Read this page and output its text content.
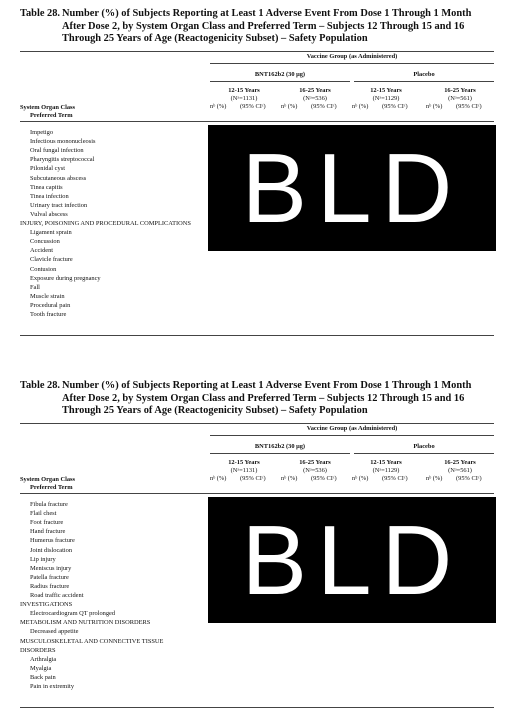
Table 28. Number (%) of Subjects Reporting at Least 1 Adverse Event From Dose 1 Through 1 Month After Dose 2, by System Organ Class and Preferred Term – Subjects 12 Through 15 and 16 Through 25 Years of Age (Reactogenicity Subset) – Safety Population
Vaccine Group (as Administered)
BNT162b2 (30 μg)	Placebo
12-15 Years
(Nᵃ=1131)
nᵇ (%)	(95% CIᶜ)
16-25 Years
(Nᵃ=536)
nᵇ (%)	(95% CIᶜ)
12-15 Years
(Nᵃ=1129)
nᵇ (%)	(95% CIᶜ)
16-25 Years
(Nᵃ=561)
nᵇ (%)	(95% CIᶜ)
System Organ Class
Preferred Term
Impetigo
Infectious mononucleosis
Oral fungal infection
Pharyngitis streptococcal
Pilonidal cyst
Subcutaneous abscess
Tinea capitis
Tinea infection
Urinary tract infection
Vulval abscess
INJURY, POISONING AND PROCEDURAL COMPLICATIONS
Ligament sprain
Concussion
Accident
Clavicle fracture
Contusion
Exposure during pregnancy
Fall
Muscle strain
Procedural pain
Tooth fracture
BLD
Table 28. Number (%) of Subjects Reporting at Least 1 Adverse Event From Dose 1 Through 1 Month After Dose 2, by System Organ Class and Preferred Term – Subjects 12 Through 15 and 16 Through 25 Years of Age (Reactogenicity Subset) – Safety Population
Vaccine Group (as Administered)
BNT162b2 (30 μg)	Placebo
12-15 Years
(Nᵃ=1131)
nᵇ (%)	(95% CIᶜ)
16-25 Years
(Nᵃ=536)
nᵇ (%)	(95% CIᶜ)
12-15 Years
(Nᵃ=1129)
nᵇ (%)	(95% CIᶜ)
16-25 Years
(Nᵃ=561)
nᵇ (%)	(95% CIᶜ)
System Organ Class
Preferred Term
Fibula fracture
Flail chest
Foot fracture
Hand fracture
Humerus fracture
Joint dislocation
Lip injury
Meniscus injury
Patella fracture
Radius fracture
Road traffic accident
INVESTIGATIONS
Electrocardiogram QT prolonged
METABOLISM AND NUTRITION DISORDERS
Decreased appetite
MUSCULOSKELETAL AND CONNECTIVE TISSUE
DISORDERS
Arthralgia
Myalgia
Back pain
Pain in extremity
BLD
